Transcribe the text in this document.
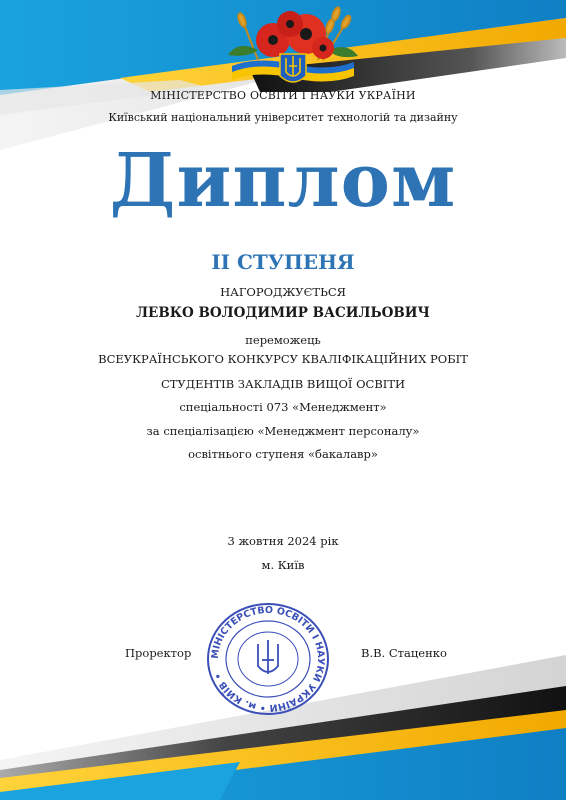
МІНІСТЕРСТВО ОСВІТИ І НАУКИ УКРАЇНИ
Київський національний університет технологій та дизайну
Диплом
ІІ СТУПЕНЯ
НАГОРОДЖУЄТЬСЯ
ЛЕВКО ВОЛОДИМИР ВАСИЛЬОВИЧ
переможець
ВСЕУКРАЇНСЬКОГО КОНКУРСУ КВАЛІФІКАЦІЙНИХ РОБІТ
СТУДЕНТІВ ЗАКЛАДІВ ВИЩОЇ ОСВІТИ
спеціальності 073 «Менеджмент»
за спеціалізацією «Менеджмент персоналу»
освітнього ступеня «бакалавр»
3 жовтня 2024 рік
м. Київ
МІНІСТЕРСТВО ОСВІТИ І НАУКИ УКРАЇНИ • м. КИЇВ •
Проректор	В.В. Стаценко
